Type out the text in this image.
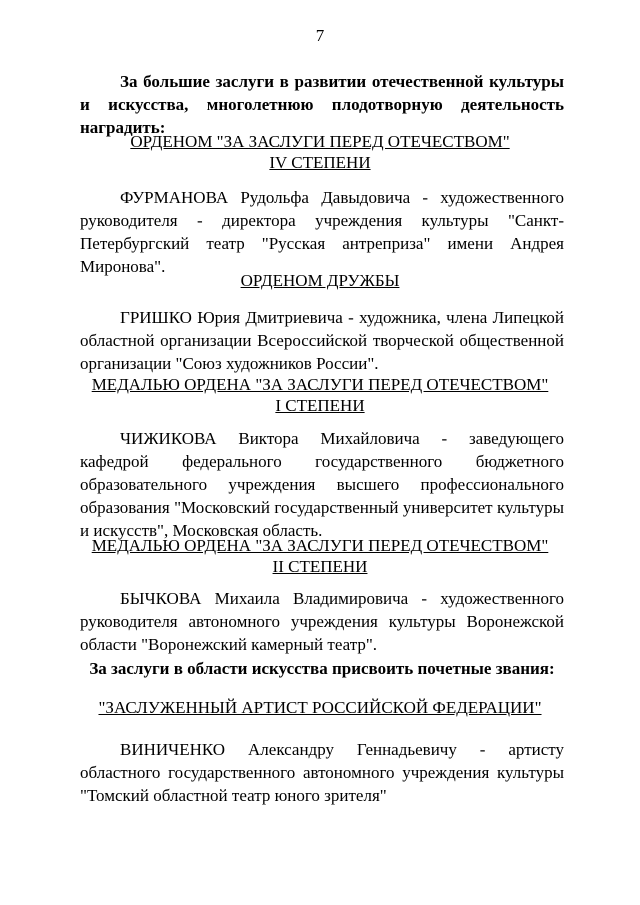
7
За большие заслуги в развитии отечественной культуры и искусства, многолетнюю плодотворную деятельность наградить:
ОРДЕНОМ "ЗА ЗАСЛУГИ ПЕРЕД ОТЕЧЕСТВОМ"
IV СТЕПЕНИ
ФУРМАНОВА Рудольфа Давыдовича - художественного руководителя - директора учреждения культуры "Санкт-Петербургский театр "Русская антреприза" имени Андрея Миронова".
ОРДЕНОМ ДРУЖБЫ
ГРИШКО Юрия Дмитриевича - художника, члена Липецкой областной организации Всероссийской творческой общественной организации "Союз художников России".
МЕДАЛЬЮ ОРДЕНА "ЗА ЗАСЛУГИ ПЕРЕД ОТЕЧЕСТВОМ"
I СТЕПЕНИ
ЧИЖИКОВА Виктора Михайловича - заведующего кафедрой федерального государственного бюджетного образовательного учреждения высшего профессионального образования "Московский государственный университет культуры и искусств", Московская область.
МЕДАЛЬЮ ОРДЕНА "ЗА ЗАСЛУГИ ПЕРЕД ОТЕЧЕСТВОМ"
II СТЕПЕНИ
БЫЧКОВА Михаила Владимировича - художественного руководителя автономного учреждения культуры Воронежской области "Воронежский камерный театр".
За заслуги в области искусства присвоить почетные звания:
"ЗАСЛУЖЕННЫЙ АРТИСТ РОССИЙСКОЙ ФЕДЕРАЦИИ"
ВИНИЧЕНКО Александру Геннадьевичу - артисту областного государственного автономного учреждения культуры "Томский областной театр юного зрителя"
